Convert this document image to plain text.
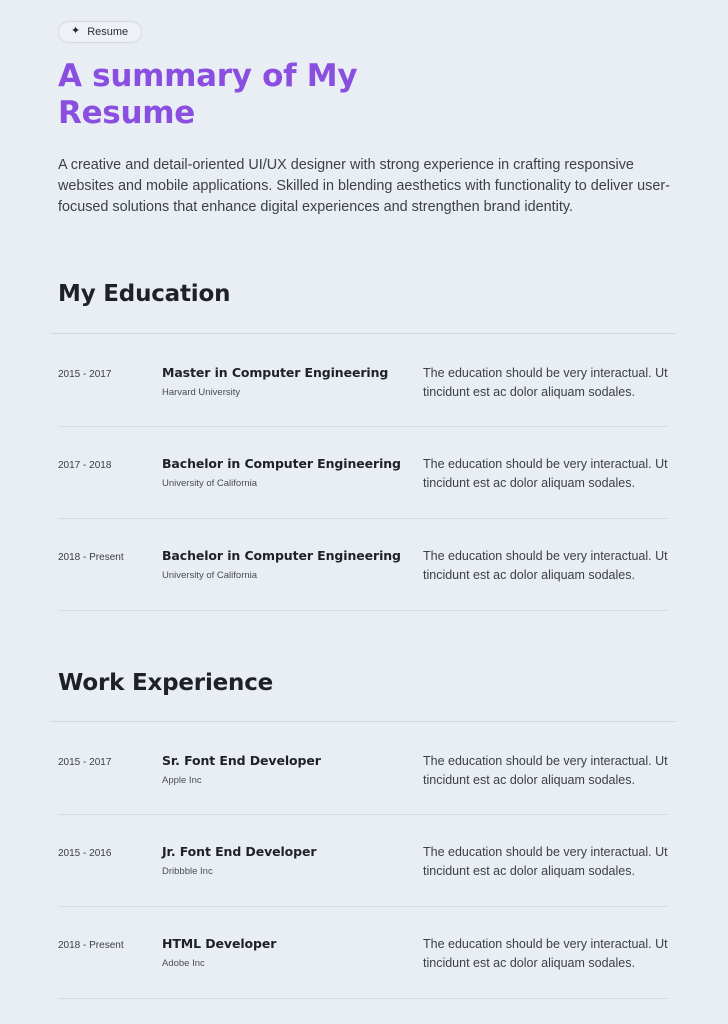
✦ Resume
A summary of My Resume

A creative and detail-oriented UI/UX designer with strong experience in crafting responsive websites and mobile applications. Skilled in blending aesthetics with functionality to deliver user-focused solutions that enhance digital experiences and strengthen brand identity.

My Education
2015 - 2017	Master in Computer Engineering
Harvard University
The education should be very interactual. Ut tincidunt est ac dolor aliquam sodales.
2017 - 2018	Bachelor in Computer Engineering
University of California
The education should be very interactual. Ut tincidunt est ac dolor aliquam sodales.
2018 - Present	Bachelor in Computer Engineering
University of California
The education should be very interactual. Ut tincidunt est ac dolor aliquam sodales.
Work Experience
2015 - 2017	Sr. Font End Developer
Apple Inc
The education should be very interactual. Ut tincidunt est ac dolor aliquam sodales.
2015 - 2016	Jr. Font End Developer
Dribbble Inc
The education should be very interactual. Ut tincidunt est ac dolor aliquam sodales.
2018 - Present	HTML Developer
Adobe Inc
The education should be very interactual. Ut tincidunt est ac dolor aliquam sodales.
